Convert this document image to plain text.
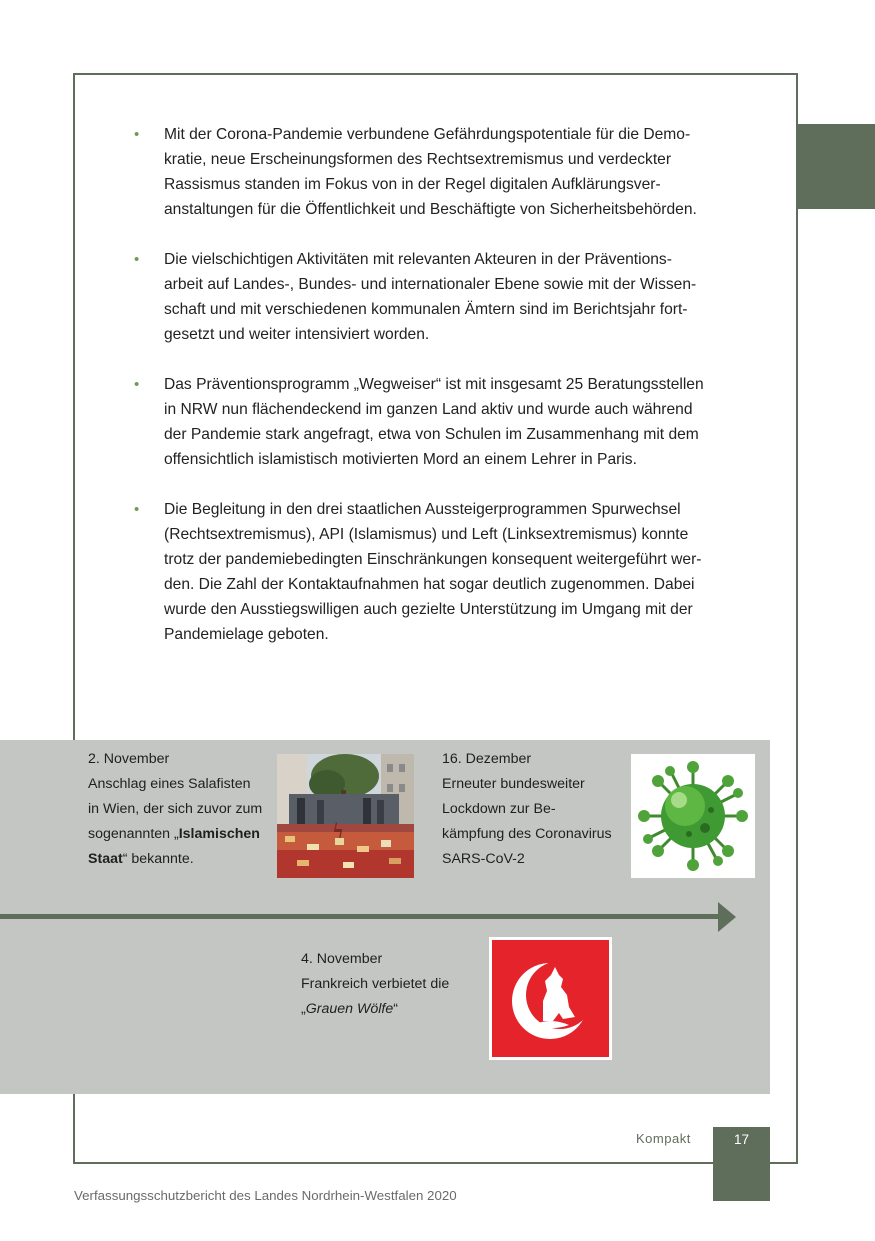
• Mit der Corona-Pandemie verbundene Gefährdungspotentiale für die Demo-
kratie, neue Erscheinungsformen des Rechtsextremismus und verdeckter
Rassismus standen im Fokus von in der Regel digitalen Aufklärungsver-
anstaltungen für die Öffentlichkeit und Beschäftigte von Sicherheitsbehörden.
• Die vielschichtigen Aktivitäten mit relevanten Akteuren in der Präventions-
arbeit auf Landes-, Bundes- und internationaler Ebene sowie mit der Wissen-
schaft und mit verschiedenen kommunalen Ämtern sind im Berichtsjahr fort-
gesetzt und weiter intensiviert worden.
• Das Präventionsprogramm „Wegweiser“ ist mit insgesamt 25 Beratungsstellen
in NRW nun flächendeckend im ganzen Land aktiv und wurde auch während
der Pandemie stark angefragt, etwa von Schulen im Zusammenhang mit dem
offensichtlich islamistisch motivierten Mord an einem Lehrer in Paris.
• Die Begleitung in den drei staatlichen Aussteigerprogrammen Spurwechsel
(Rechtsextremismus), API (Islamismus) und Left (Linksextremismus) konnte
trotz der pandemiebedingten Einschränkungen konsequent weitergeführt wer-
den. Die Zahl der Kontaktaufnahmen hat sogar deutlich zugenommen. Dabei
wurde den Ausstiegswilligen auch gezielte Unterstützung im Umgang mit der
Pandemielage geboten.
2. November
Anschlag eines Salafisten
in Wien, der sich zuvor zum
sogenannten „Islamischen
Staat“ bekannte.
ϟ
16. Dezember
Erneuter bundesweiter
Lockdown zur Be-
kämpfung des Coronavirus
SARS-CoV-2
4. November
Frankreich verbietet die
„Grauen Wölfe“
Kompakt	17
Verfassungsschutzbericht des Landes Nordrhein-Westfalen 2020
